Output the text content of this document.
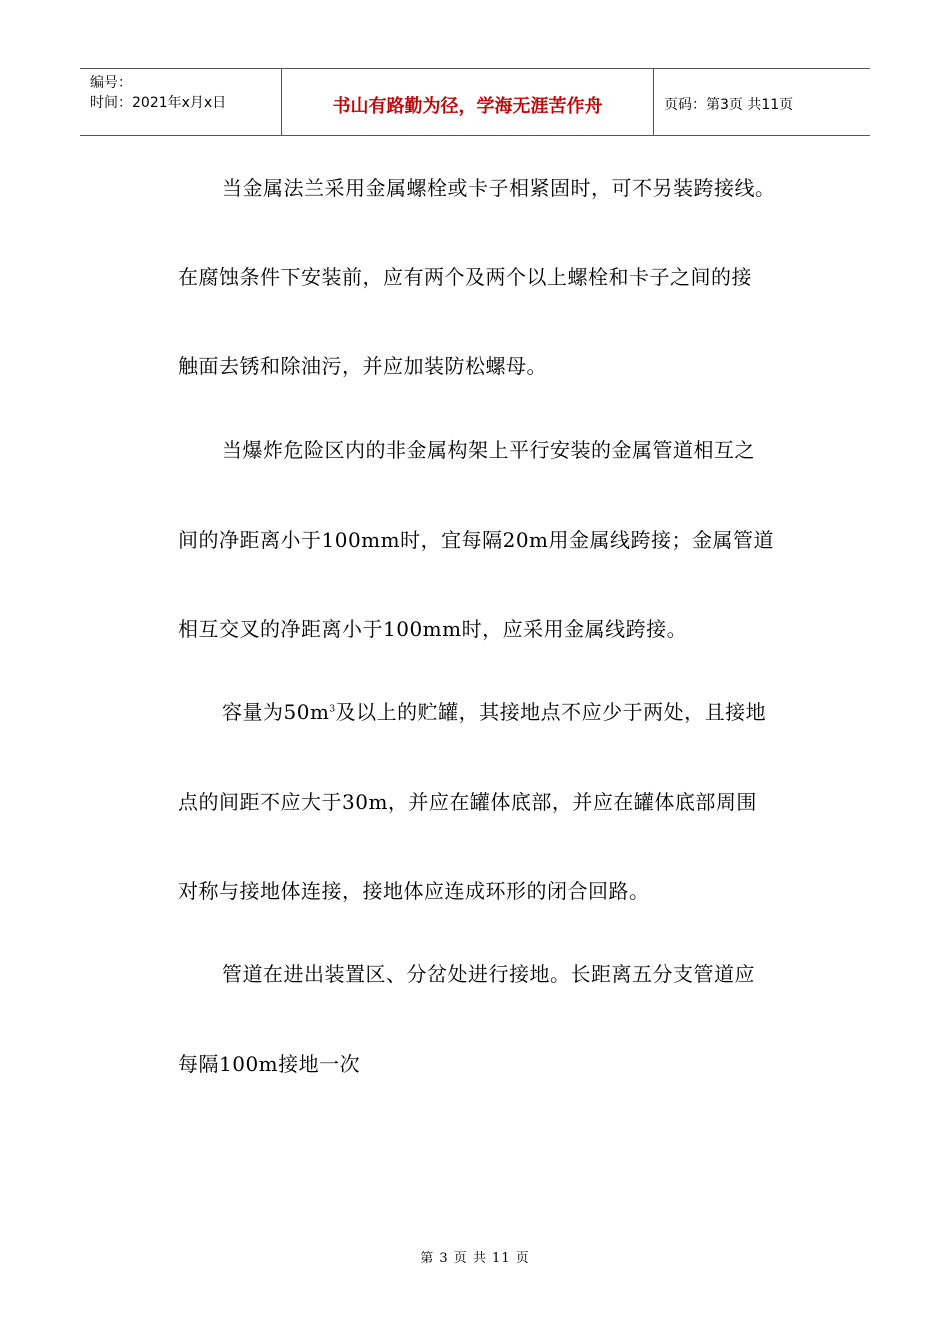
编号：
时间：2021年x月x日	书山有路勤为径，学海无涯苦作舟	页码：第3页 共11页
当金属法兰采用金属螺栓或卡子相紧固时，可不另装跨接线。
在腐蚀条件下安装前，应有两个及两个以上螺栓和卡子之间的接
触面去锈和除油污，并应加装防松螺母。
当爆炸危险区内的非金属构架上平行安装的金属管道相互之
间的净距离小于100mm时，宜每隔20m用金属线跨接；金属管道
相互交叉的净距离小于100mm时，应采用金属线跨接。
容量为$50m^3$及以上的贮罐，其接地点不应少于两处，且接地
点的间距不应大于30m，并应在罐体底部，并应在罐体底部周围
对称与接地体连接，接地体应连成环形的闭合回路。
管道在进出装置区、分岔处进行接地。长距离五分支管道应
每隔100m接地一次
第 3 页 共 11 页
